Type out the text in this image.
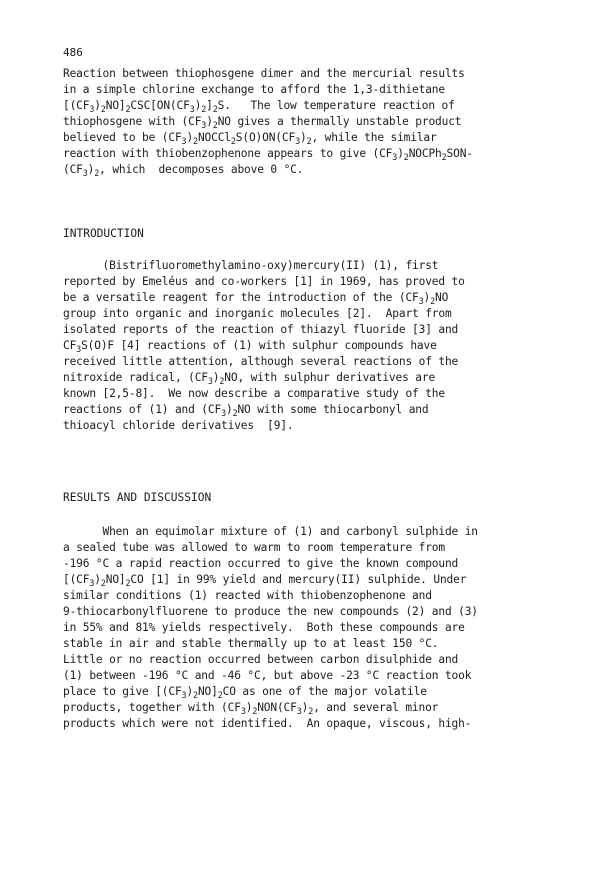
486
Reaction between thiophosgene dimer and the mercurial results
in a simple chlorine exchange to afford the 1,3-dithietane
$[(CF_3)_2NO]_2CSC[ON(CF_3)_2]_2S$.   The low temperature reaction of
thiophosgene with $(CF_3)_2NO$ gives a thermally unstable product
believed to be $(CF_3)_2NOCCl_2S(O)ON(CF_3)_2$, while the similar
reaction with thiobenzophenone appears to give $(CF_3)_2NOCPh_2SON-$
$(CF_3)_2$, which  decomposes above 0 °C.
INTRODUCTION
(Bistrifluoromethylamino-oxy)mercury(II) (1), first
reported by Emeléus and co-workers [1] in 1969, has proved to
be a versatile reagent for the introduction of the $(CF_3)_2NO$
group into organic and inorganic molecules [2].  Apart from
isolated reports of the reaction of thiazyl fluoride [3] and
$CF_3S(O)F$ [4] reactions of (1) with sulphur compounds have
received little attention, although several reactions of the
nitroxide radical, $(CF_3)_2NO$, with sulphur derivatives are
known [2,5-8].  We now describe a comparative study of the
reactions of (1) and $(CF_3)_2NO$ with some thiocarbonyl and
thioacyl chloride derivatives  [9].
RESULTS AND DISCUSSION
When an equimolar mixture of (1) and carbonyl sulphide in
a sealed tube was allowed to warm to room temperature from
-196 °C a rapid reaction occurred to give the known compound
$[(CF_3)_2NO]_2CO$ [1] in 99% yield and mercury(II) sulphide. Under
similar conditions (1) reacted with thiobenzophenone and
9-thiocarbonylfluorene to produce the new compounds (2) and (3)
in 55% and 81% yields respectively.  Both these compounds are
stable in air and stable thermally up to at least 150 °C.
Little or no reaction occurred between carbon disulphide and
(1) between -196 °C and -46 °C, but above -23 °C reaction took
place to give $[(CF_3)_2NO]_2CO$ as one of the major volatile
products, together with $(CF_3)_2NON(CF_3)_2$, and several minor
products which were not identified.  An opaque, viscous, high-
